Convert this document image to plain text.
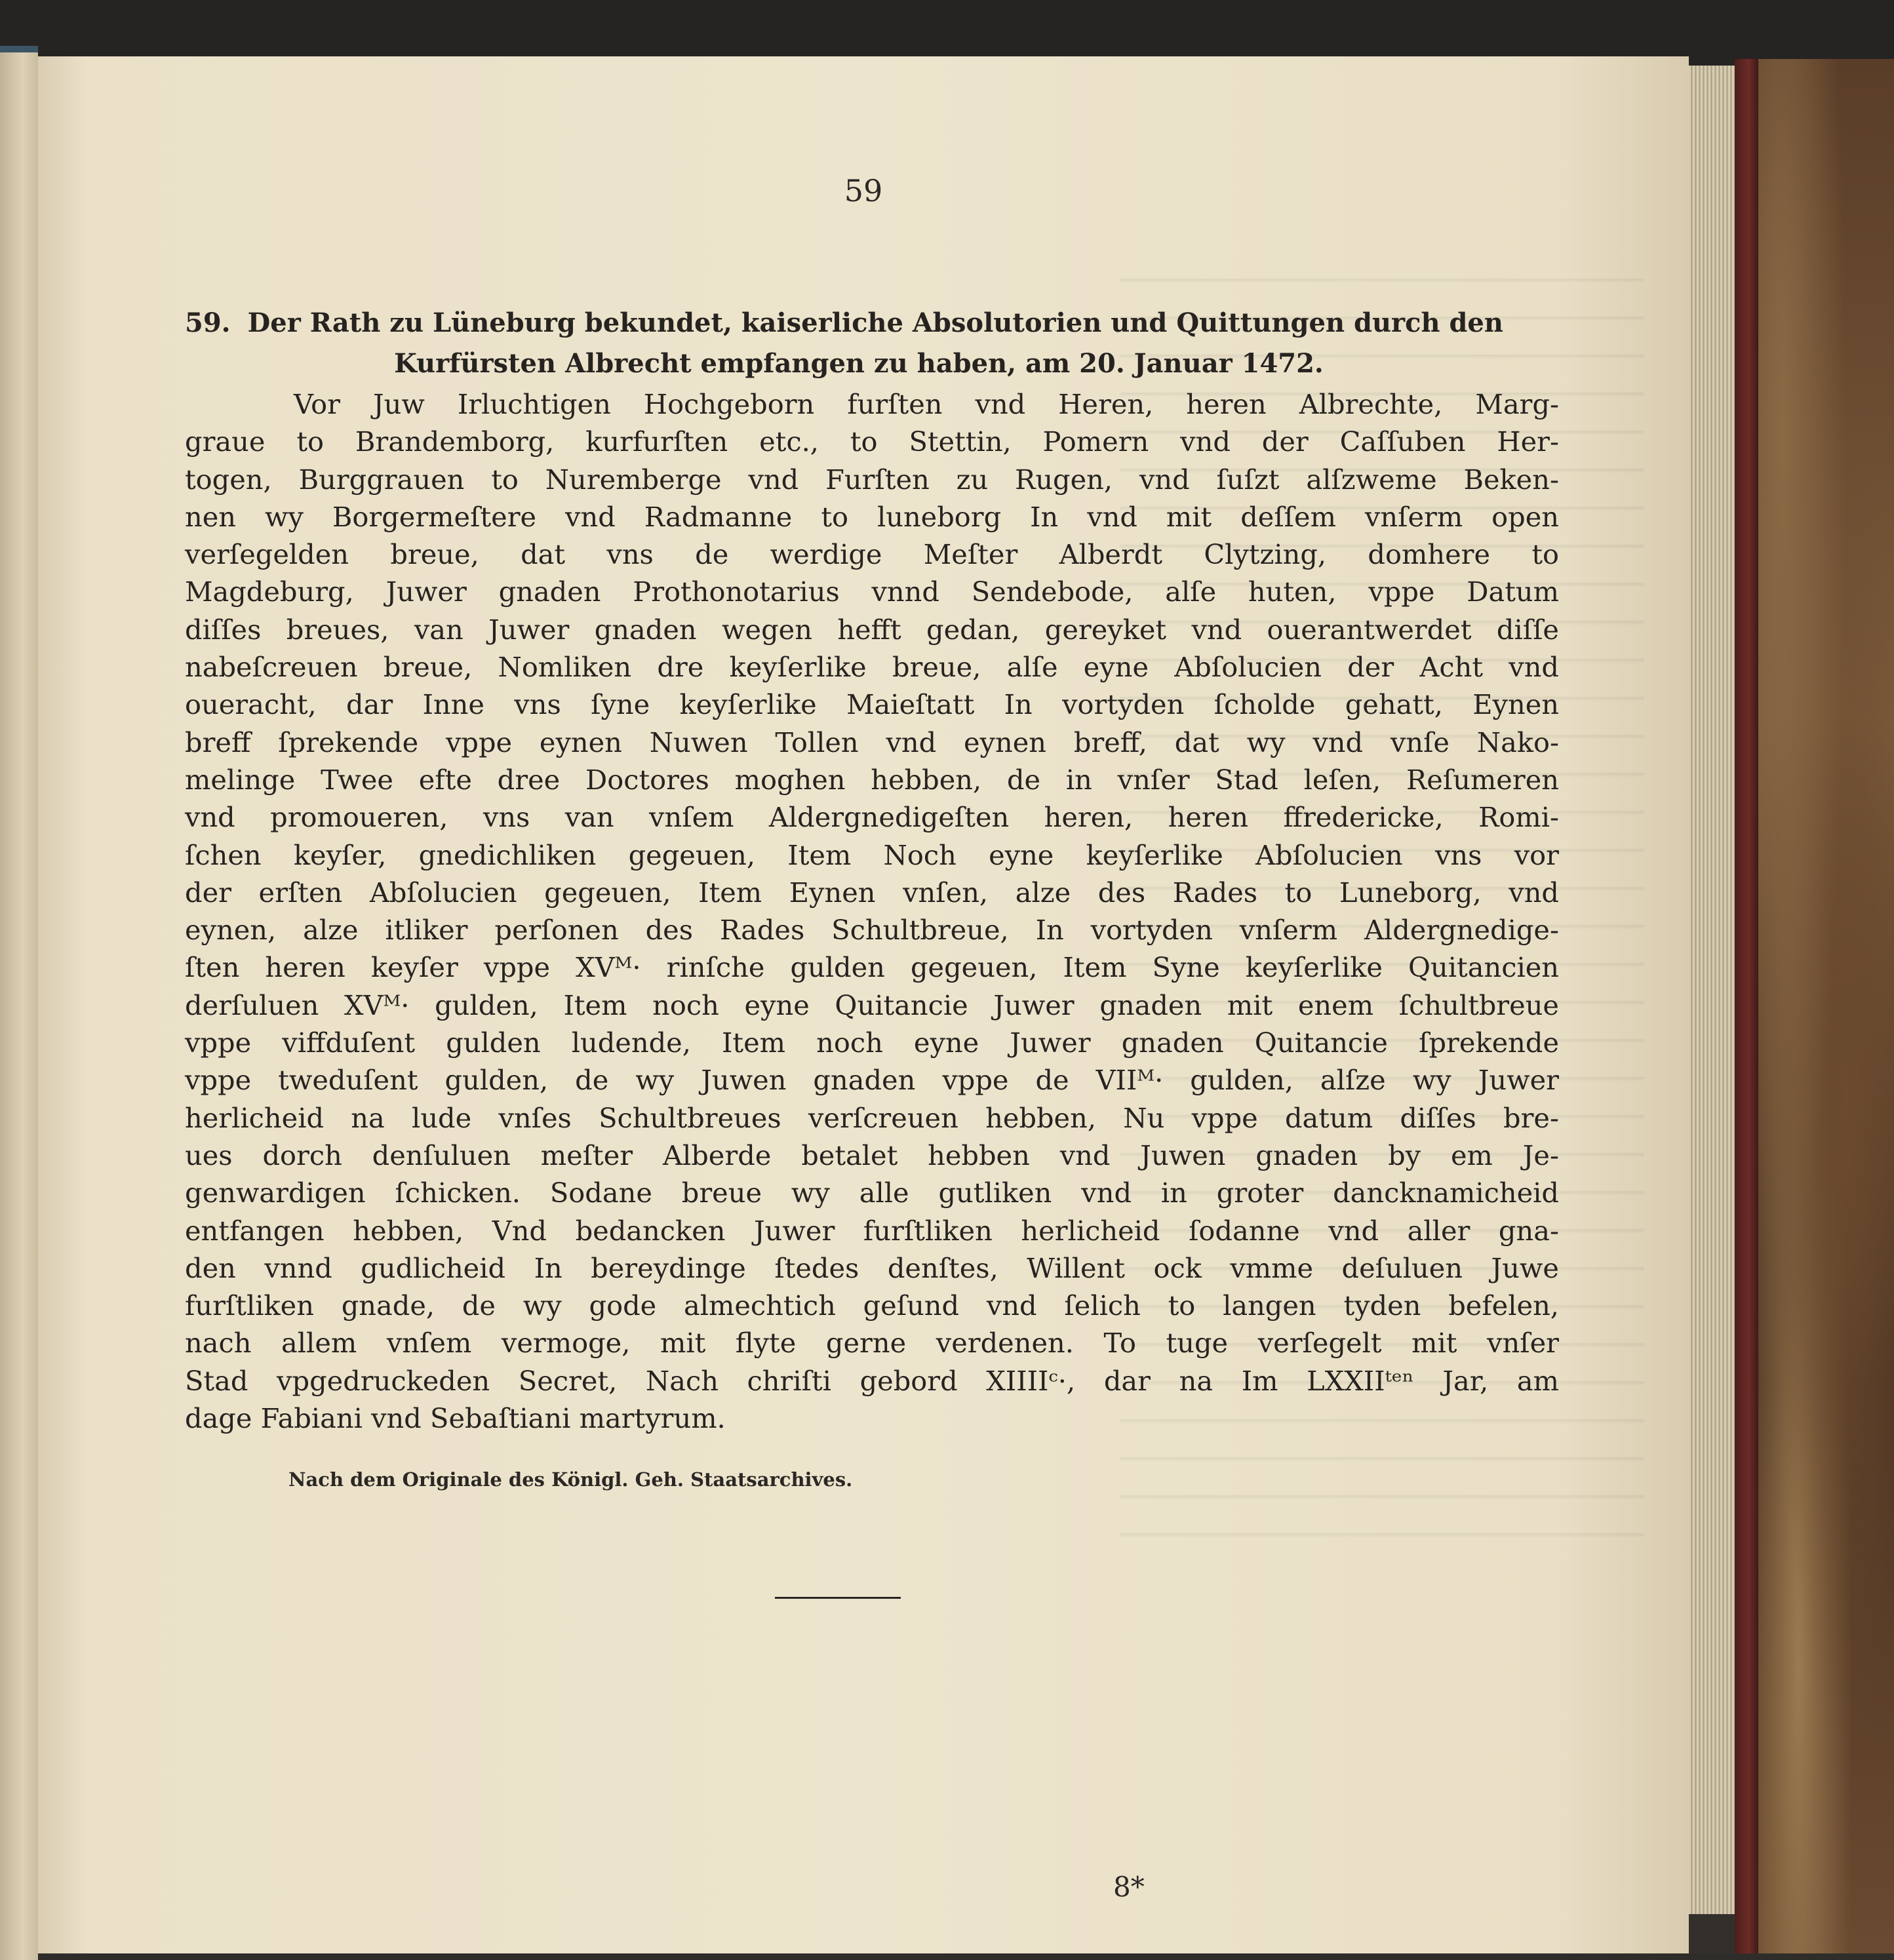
59
59. Der Rath zu Lüneburg bekundet, kaiserliche Absolutorien und Quittungen durch den
Kurfürsten Albrecht empfangen zu haben, am 20. Januar 1472.
Vor Juw Irluchtigen Hochgeborn furſten vnd Heren, heren Albrechte, Marg-
graue to Brandemborg, kurfurſten etc., to Stettin, Pomern vnd der Caſſuben Her-
togen, Burggrauen to Nuremberge vnd Furſten zu Rugen, vnd ſuſzt alſzweme Beken-
nen wy Borgermeſtere vnd Radmanne to luneborg In vnd mit deſſem vnſerm open
verſegelden breue, dat vns de werdige Meſter Alberdt Clytzing, domhere to
Magdeburg, Juwer gnaden Prothonotarius vnnd Sendebode, alſe huten, vppe Datum
diſſes breues, van Juwer gnaden wegen hefft gedan, gereyket vnd ouerantwerdet diſſe
nabeſcreuen breue, Nomliken dre keyſerlike breue, alſe eyne Abſolucien der Acht vnd
oueracht, dar Inne vns ſyne keyſerlike Maieſtatt In vortyden ſcholde gehatt, Eynen
breff ſprekende vppe eynen Nuwen Tollen vnd eynen breff, dat wy vnd vnſe Nako-
melinge Twee efte dree Doctores moghen hebben, de in vnſer Stad leſen, Reſumeren
vnd promoueren, vns van vnſem Aldergnedigeſten heren, heren ffredericke, Romi-
ſchen keyſer, gnedichliken gegeuen, Item Noch eyne keyſerlike Abſolucien vns vor
der erſten Abſolucien gegeuen, Item Eynen vnſen, alze des Rades to Luneborg, vnd
eynen, alze itliker perſonen des Rades Schultbreue, In vortyden vnſerm Aldergnedige-
ſten heren keyſer vppe XVᴹ· rinſche gulden gegeuen, Item Syne keyſerlike Quitancien
derſuluen XVᴹ· gulden, Item noch eyne Quitancie Juwer gnaden mit enem ſchultbreue
vppe viffduſent gulden ludende, Item noch eyne Juwer gnaden Quitancie ſprekende
vppe tweduſent gulden, de wy Juwen gnaden vppe de VIIᴹ· gulden, alſze wy Juwer
herlicheid na lude vnſes Schultbreues verſcreuen hebben, Nu vppe datum diſſes bre-
ues dorch denſuluen meſter Alberde betalet hebben vnd Juwen gnaden by em Je-
genwardigen ſchicken. Sodane breue wy alle gutliken vnd in groter dancknamicheid
entfangen hebben, Vnd bedancken Juwer furſtliken herlicheid ſodanne vnd aller gna-
den vnnd gudlicheid In bereydinge ſtedes denſtes, Willent ock vmme deſuluen Juwe
furſtliken gnade, de wy gode almechtich geſund vnd ſelich to langen tyden befelen,
nach allem vnſem vermoge, mit flyte gerne verdenen. To tuge verſegelt mit vnſer
Stad vpgedruckeden Secret, Nach chriſti gebord XIIIIᶜ·, dar na Im LXXIIᵗᵉⁿ Jar, am
dage Fabiani vnd Sebaſtiani martyrum.
Nach dem Originale des Königl. Geh. Staatsarchives.
8*
